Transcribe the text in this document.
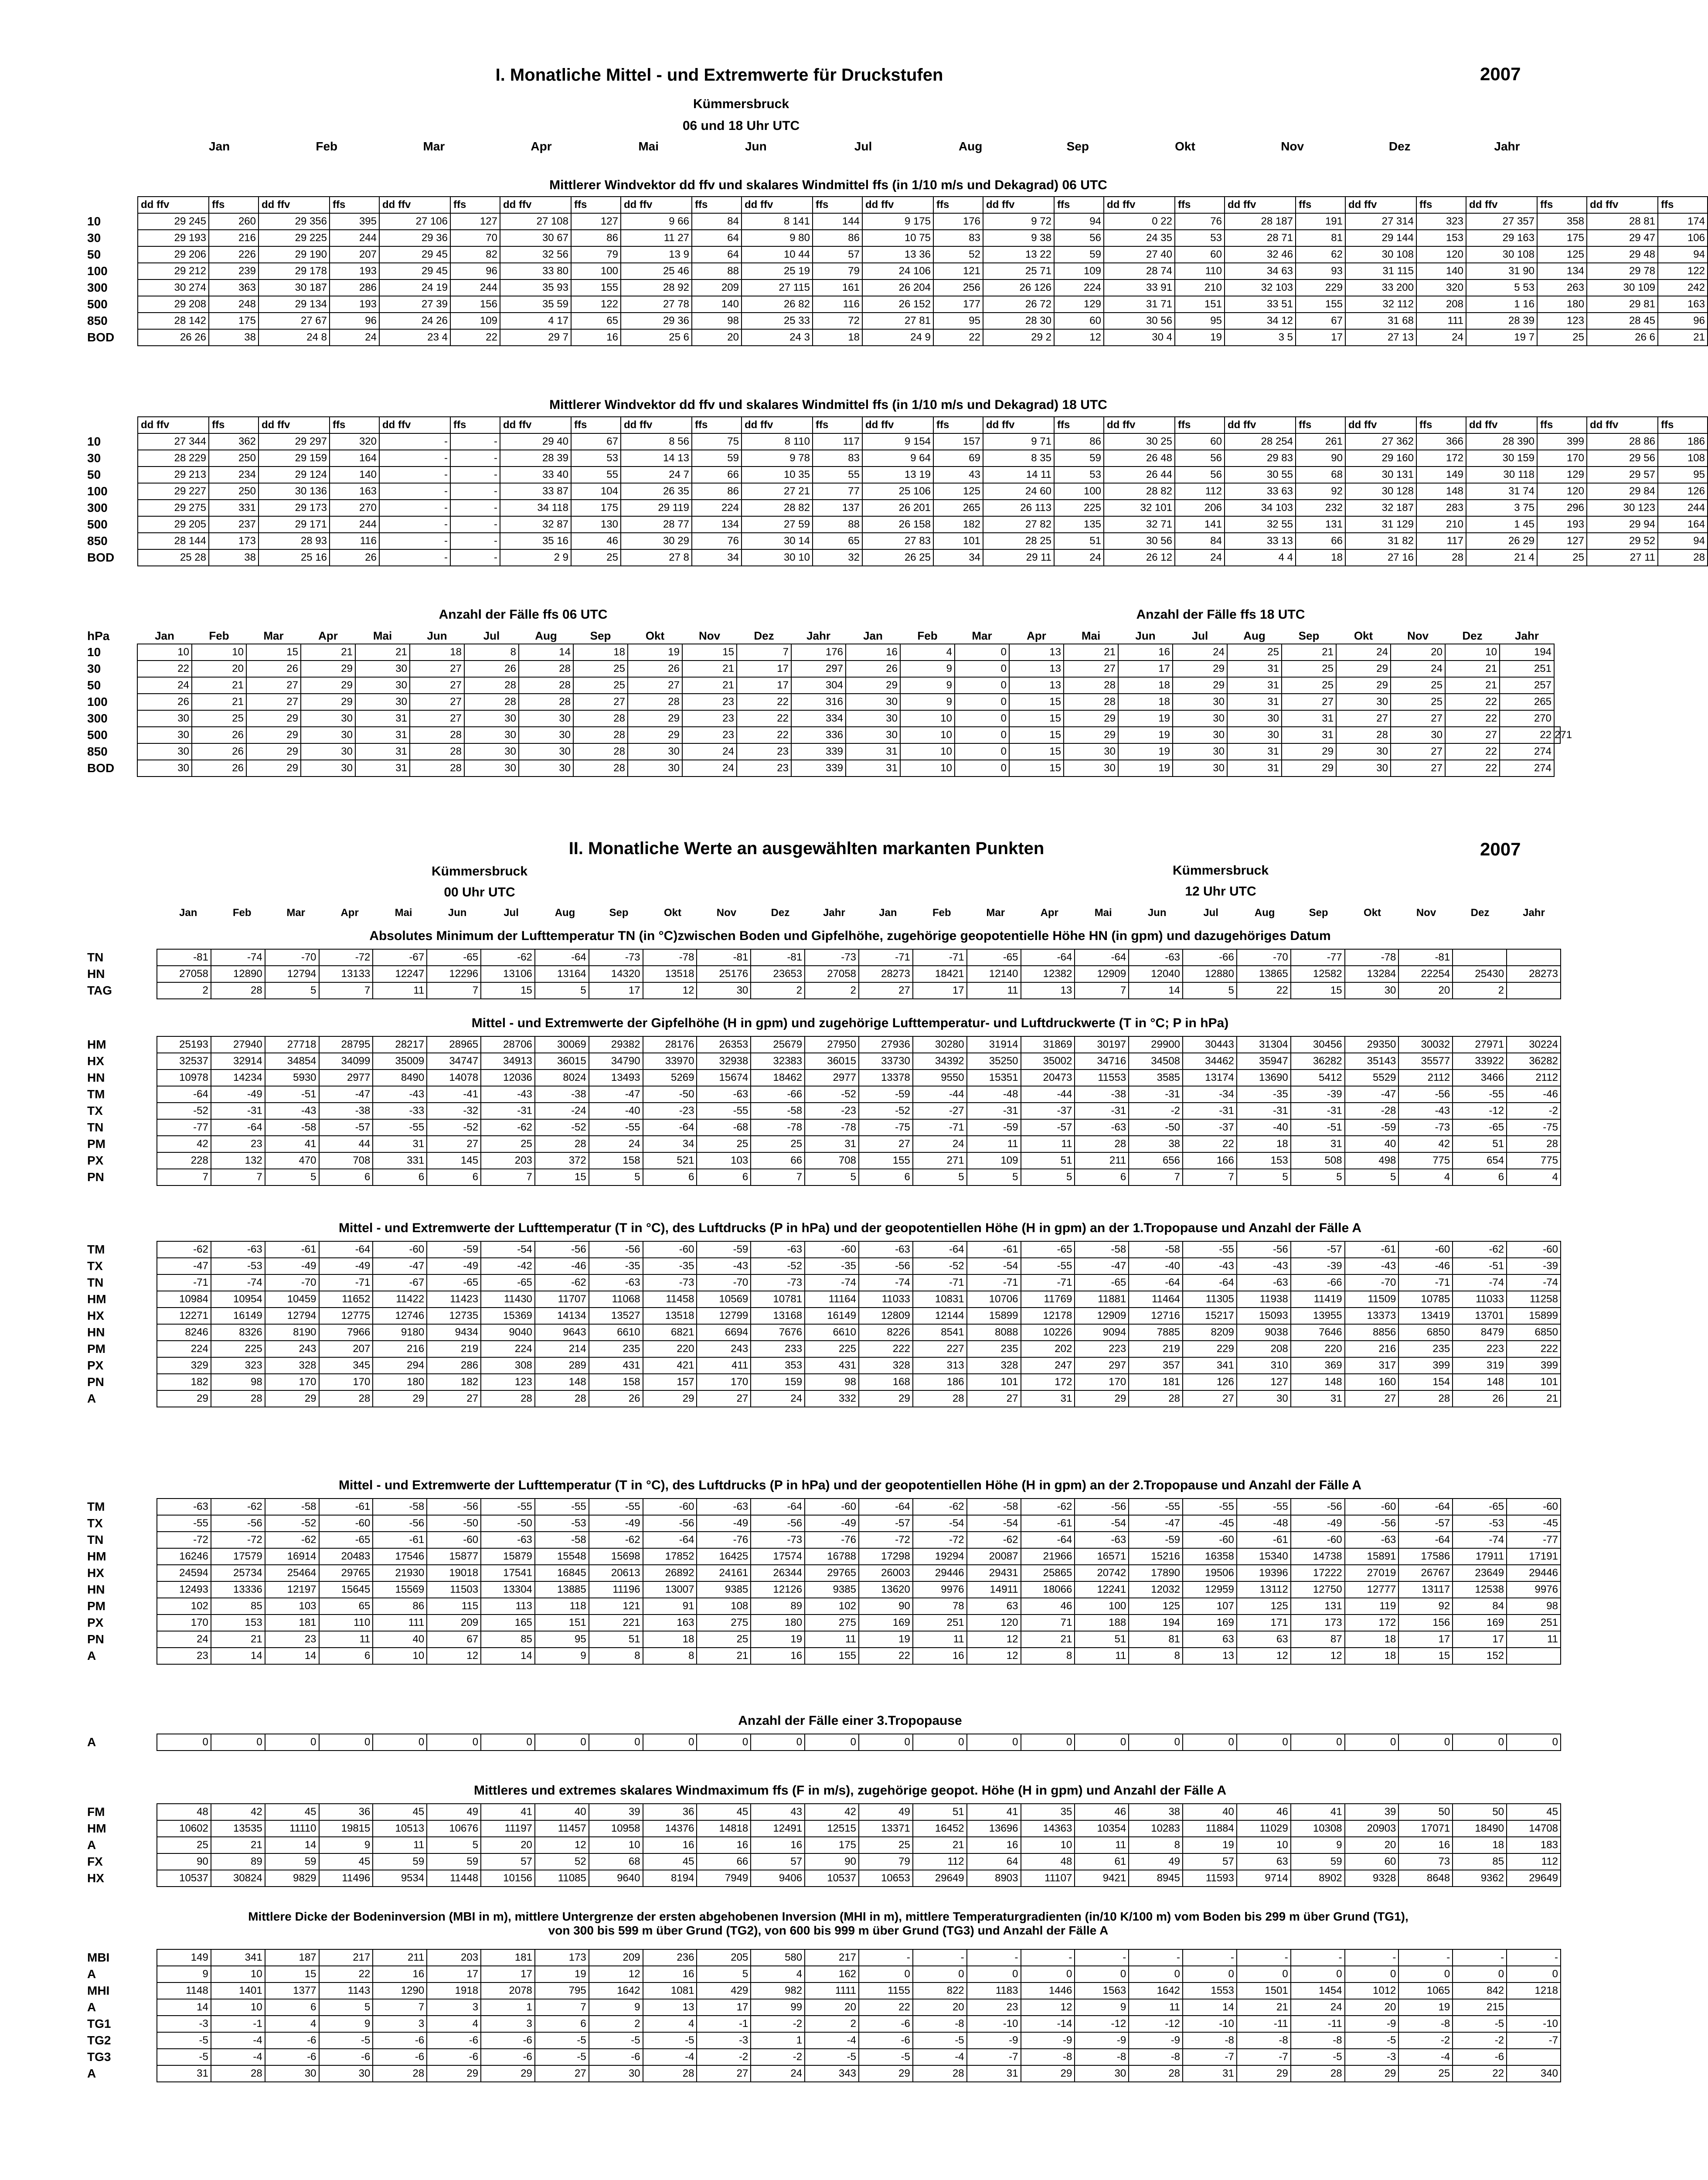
I. Monatliche Mittel - und Extremwerte für Druckstufen	2007
Kümmersbruck
06 und 18 Uhr UTC
Jan	Feb	Mar	Apr	Mai	Jun	Jul	Aug	Sep	Okt	Nov	Dez	Jahr
Mittlerer Windvektor dd ffv und skalares Windmittel ffs (in 1/10 m/s und Dekagrad) 06 UTC
	dd ffv	ffs	dd ffv	ffs	dd ffv	ffs	dd ffv	ffs	dd ffv	ffs	dd ffv	ffs	dd ffv	ffs	dd ffv	ffs	dd ffv	ffs	dd ffv	ffs	dd ffv	ffs	dd ffv	ffs	dd ffv	ffs
10	29 245	260	29 356	395	27 106	127	27 108	127	9 66	84	8 141	144	9 175	176	9 72	94	0 22	76	28 187	191	27 314	323	27 357	358	28 81	174
30	29 193	216	29 225	244	29 36	70	30 67	86	11 27	64	9 80	86	10 75	83	9 38	56	24 35	53	28 71	81	29 144	153	29 163	175	29 47	106
50	29 206	226	29 190	207	29 45	82	32 56	79	13 9	64	10 44	57	13 36	52	13 22	59	27 40	60	32 46	62	30 108	120	30 108	125	29 48	94
100	29 212	239	29 178	193	29 45	96	33 80	100	25 46	88	25 19	79	24 106	121	25 71	109	28 74	110	34 63	93	31 115	140	31 90	134	29 78	122
300	30 274	363	30 187	286	24 19	244	35 93	155	28 92	209	27 115	161	26 204	256	26 126	224	33 91	210	32 103	229	33 200	320	5 53	263	30 109	242
500	29 208	248	29 134	193	27 39	156	35 59	122	27 78	140	26 82	116	26 152	177	26 72	129	31 71	151	33 51	155	32 112	208	1 16	180	29 81	163
850	28 142	175	27 67	96	24 26	109	4 17	65	29 36	98	25 33	72	27 81	95	28 30	60	30 56	95	34 12	67	31 68	111	28 39	123	28 45	96
BOD	26 26	38	24 8	24	23 4	22	29 7	16	25 6	20	24 3	18	24 9	22	29 2	12	30 4	19	3 5	17	27 13	24	19 7	25	26 6	21
Mittlerer Windvektor dd ffv und skalares Windmittel ffs (in 1/10 m/s und Dekagrad) 18 UTC
	dd ffv	ffs	dd ffv	ffs	dd ffv	ffs	dd ffv	ffs	dd ffv	ffs	dd ffv	ffs	dd ffv	ffs	dd ffv	ffs	dd ffv	ffs	dd ffv	ffs	dd ffv	ffs	dd ffv	ffs	dd ffv	ffs
10	27 344	362	29 297	320	-	-	29 40	67	8 56	75	8 110	117	9 154	157	9 71	86	30 25	60	28 254	261	27 362	366	28 390	399	28 86	186
30	28 229	250	29 159	164	-	-	28 39	53	14 13	59	9 78	83	9 64	69	8 35	59	26 48	56	29 83	90	29 160	172	30 159	170	29 56	108
50	29 213	234	29 124	140	-	-	33 40	55	24 7	66	10 35	55	13 19	43	14 11	53	26 44	56	30 55	68	30 131	149	30 118	129	29 57	95
100	29 227	250	30 136	163	-	-	33 87	104	26 35	86	27 21	77	25 106	125	24 60	100	28 82	112	33 63	92	30 128	148	31 74	120	29 84	126
300	29 275	331	29 173	270	-	-	34 118	175	29 119	224	28 82	137	26 201	265	26 113	225	32 101	206	34 103	232	32 187	283	3 75	296	30 123	244
500	29 205	237	29 171	244	-	-	32 87	130	28 77	134	27 59	88	26 158	182	27 82	135	32 71	141	32 55	131	31 129	210	1 45	193	29 94	164
850	28 144	173	28 93	116	-	-	35 16	46	30 29	76	30 14	65	27 83	101	28 25	51	30 56	84	33 13	66	31 82	117	26 29	127	29 52	94
BOD	25 28	38	25 16	26	-	-	2 9	25	27 8	34	30 10	32	26 25	34	29 11	24	26 12	24	4 4	18	27 16	28	21 4	25	27 11	28
Anzahl der Fälle ffs 06 UTC	Anzahl der Fälle ffs 18 UTC
hPa	Jan	Feb	Mar	Apr	Mai	Jun	Jul	Aug	Sep	Okt	Nov	Dez	Jahr	Jan	Feb	Mar	Apr	Mai	Jun	Jul	Aug	Sep	Okt	Nov	Dez	Jahr	
10	10	10	15	21	21	18	8	14	18	19	15	7	176	16	4	0	13	21	16	24	25	21	24	20	10	194	
30	22	20	26	29	30	27	26	28	25	26	21	17	297	26	9	0	13	27	17	29	31	25	29	24	21	251	
50	24	21	27	29	30	27	28	28	25	27	21	17	304	29	9	0	13	28	18	29	31	25	29	25	21	257	
100	26	21	27	29	30	27	28	28	27	28	23	22	316	30	9	0	15	28	18	30	31	27	30	25	22	265	
300	30	25	29	30	31	27	30	30	28	29	23	22	334	30	10	0	15	29	19	30	30	31	27	27	22	270	
500	30	26	29	30	31	28	30	30	28	29	23	22	336	30	10	0	15	29	19	30	30	31	28	30	27	22	271
850	30	26	29	30	31	28	30	30	28	30	24	23	339	31	10	0	15	30	19	30	31	29	30	27	22	274	
BOD	30	26	29	30	31	28	30	30	28	30	24	23	339	31	10	0	15	30	19	30	31	29	30	27	22	274	
II. Monatliche Werte an ausgewählten markanten Punkten	2007
Kümmersbruck
00 Uhr UTC
Kümmersbruck
12 Uhr UTC
Jan	Feb	Mar	Apr	Mai	Jun	Jul	Aug	Sep	Okt	Nov	Dez	Jahr	Jan	Feb	Mar	Apr	Mai	Jun	Jul	Aug	Sep	Okt	Nov	Dez	Jahr
Absolutes Minimum der Lufttemperatur TN (in °C)zwischen Boden und Gipfelhöhe, zugehörige geopotentielle Höhe HN (in gpm) und dazugehöriges Datum
TN	-81	-74	-70	-72	-67	-65	-62	-64	-73	-78	-81	-81	-73	-71	-71	-65	-64	-64	-63	-66	-70	-77	-78	-81		
HN	27058	12890	12794	13133	12247	12296	13106	13164	14320	13518	25176	23653	27058	28273	18421	12140	12382	12909	12040	12880	13865	12582	13284	22254	25430	28273
TAG	2	28	5	7	11	7	15	5	17	12	30	2	2	27	17	11	13	7	14	5	22	15	30	20	2	
Mittel - und Extremwerte der Gipfelhöhe (H in gpm) und zugehörige Lufttemperatur- und Luftdruckwerte (T in °C; P in hPa)
HM	25193	27940	27718	28795	28217	28965	28706	30069	29382	28176	26353	25679	27950	27936	30280	31914	31869	30197	29900	30443	31304	30456	29350	30032	27971	30224
HX	32537	32914	34854	34099	35009	34747	34913	36015	34790	33970	32938	32383	36015	33730	34392	35250	35002	34716	34508	34462	35947	36282	35143	35577	33922	36282
HN	10978	14234	5930	2977	8490	14078	12036	8024	13493	5269	15674	18462	2977	13378	9550	15351	20473	11553	3585	13174	13690	5412	5529	2112	3466	2112
TM	-64	-49	-51	-47	-43	-41	-43	-38	-47	-50	-63	-66	-52	-59	-44	-48	-44	-38	-31	-34	-35	-39	-47	-56	-55	-46
TX	-52	-31	-43	-38	-33	-32	-31	-24	-40	-23	-55	-58	-23	-52	-27	-31	-37	-31	-2	-31	-31	-31	-28	-43	-12	-2
TN	-77	-64	-58	-57	-55	-52	-62	-52	-55	-64	-68	-78	-78	-75	-71	-59	-57	-63	-50	-37	-40	-51	-59	-73	-65	-75
PM	42	23	41	44	31	27	25	28	24	34	25	25	31	27	24	11	11	28	38	22	18	31	40	42	51	28
PX	228	132	470	708	331	145	203	372	158	521	103	66	708	155	271	109	51	211	656	166	153	508	498	775	654	775
PN	7	7	5	6	6	6	7	15	5	6	6	7	5	6	5	5	5	6	7	7	5	5	5	4	6	4
Mittel - und Extremwerte der Lufttemperatur (T in °C), des Luftdrucks (P in hPa) und der geopotentiellen Höhe (H in gpm) an der 1.Tropopause und Anzahl der Fälle A
TM	-62	-63	-61	-64	-60	-59	-54	-56	-56	-60	-59	-63	-60	-63	-64	-61	-65	-58	-58	-55	-56	-57	-61	-60	-62	-60
TX	-47	-53	-49	-49	-47	-49	-42	-46	-35	-35	-43	-52	-35	-56	-52	-54	-55	-47	-40	-43	-43	-39	-43	-46	-51	-39
TN	-71	-74	-70	-71	-67	-65	-65	-62	-63	-73	-70	-73	-74	-74	-71	-71	-71	-65	-64	-64	-63	-66	-70	-71	-74	-74
HM	10984	10954	10459	11652	11422	11423	11430	11707	11068	11458	10569	10781	11164	11033	10831	10706	11769	11881	11464	11305	11938	11419	11509	10785	11033	11258
HX	12271	16149	12794	12775	12746	12735	15369	14134	13527	13518	12799	13168	16149	12809	12144	15899	12178	12909	12716	15217	15093	13955	13373	13419	13701	15899
HN	8246	8326	8190	7966	9180	9434	9040	9643	6610	6821	6694	7676	6610	8226	8541	8088	10226	9094	7885	8209	9038	7646	8856	6850	8479	6850
PM	224	225	243	207	216	219	224	214	235	220	243	233	225	222	227	235	202	223	219	229	208	220	216	235	223	222
PX	329	323	328	345	294	286	308	289	431	421	411	353	431	328	313	328	247	297	357	341	310	369	317	399	319	399
PN	182	98	170	170	180	182	123	148	158	157	170	159	98	168	186	101	172	170	181	126	127	148	160	154	148	101
A	29	28	29	28	29	27	28	28	26	29	27	24	332	29	28	27	31	29	28	27	30	31	27	28	26	21
Mittel - und Extremwerte der Lufttemperatur (T in °C), des Luftdrucks (P in hPa) und der geopotentiellen Höhe (H in gpm) an der 2.Tropopause und Anzahl der Fälle A
TM	-63	-62	-58	-61	-58	-56	-55	-55	-55	-60	-63	-64	-60	-64	-62	-58	-62	-56	-55	-55	-55	-56	-60	-64	-65	-60
TX	-55	-56	-52	-60	-56	-50	-50	-53	-49	-56	-49	-56	-49	-57	-54	-54	-61	-54	-47	-45	-48	-49	-56	-57	-53	-45
TN	-72	-72	-62	-65	-61	-60	-63	-58	-62	-64	-76	-73	-76	-72	-72	-62	-64	-63	-59	-60	-61	-60	-63	-64	-74	-77
HM	16246	17579	16914	20483	17546	15877	15879	15548	15698	17852	16425	17574	16788	17298	19294	20087	21966	16571	15216	16358	15340	14738	15891	17586	17911	17191
HX	24594	25734	25464	29765	21930	19018	17541	16845	20613	26892	24161	26344	29765	26003	29446	29431	25865	20742	17890	19506	19396	17222	27019	26767	23649	29446
HN	12493	13336	12197	15645	15569	11503	13304	13885	11196	13007	9385	12126	9385	13620	9976	14911	18066	12241	12032	12959	13112	12750	12777	13117	12538	9976
PM	102	85	103	65	86	115	113	118	121	91	108	89	102	90	78	63	46	100	125	107	125	131	119	92	84	98
PX	170	153	181	110	111	209	165	151	221	163	275	180	275	169	251	120	71	188	194	169	171	173	172	156	169	251
PN	24	21	23	11	40	67	85	95	51	18	25	19	11	19	11	12	21	51	81	63	63	87	18	17	17	11
A	23	14	14	6	10	12	14	9	8	8	21	16	155	22	16	12	8	11	8	13	12	12	18	15	152	
Anzahl der Fälle einer 3.Tropopause
A	0	0	0	0	0	0	0	0	0	0	0	0	0	0	0	0	0	0	0	0	0	0	0	0	0	0
Mittleres und extremes skalares Windmaximum ffs (F in m/s), zugehörige geopot. Höhe (H in gpm) und Anzahl der Fälle A
FM	48	42	45	36	45	49	41	40	39	36	45	43	42	49	51	41	35	46	38	40	46	41	39	50	50	45
HM	10602	13535	11110	19815	10513	10676	11197	11457	10958	14376	14818	12491	12515	13371	16452	13696	14363	10354	10283	11884	11029	10308	20903	17071	18490	14708
A	25	21	14	9	11	5	20	12	10	16	16	16	175	25	21	16	10	11	8	19	10	9	20	16	18	183
FX	90	89	59	45	59	59	57	52	68	45	66	57	90	79	112	64	48	61	49	57	63	59	60	73	85	112
HX	10537	30824	9829	11496	9534	11448	10156	11085	9640	8194	7949	9406	10537	10653	29649	8903	11107	9421	8945	11593	9714	8902	9328	8648	9362	29649
Mittlere Dicke der Bodeninversion (MBI in m), mittlere Untergrenze der ersten abgehobenen Inversion (MHI in m), mittlere Temperaturgradienten (in/10 K/100 m) vom Boden bis 299 m über Grund (TG1), von 300 bis 599 m über Grund (TG2), von 600 bis 999 m über Grund (TG3) und Anzahl der Fälle A
MBI	149	341	187	217	211	203	181	173	209	236	205	580	217	-	-	-	-	-	-	-	-	-	-	-	-	-
A	9	10	15	22	16	17	17	19	12	16	5	4	162	0	0	0	0	0	0	0	0	0	0	0	0	0
MHI	1148	1401	1377	1143	1290	1918	2078	795	1642	1081	429	982	1111	1155	822	1183	1446	1563	1642	1553	1501	1454	1012	1065	842	1218
A	14	10	6	5	7	3	1	7	9	13	17	99	20	22	20	23	12	9	11	14	21	24	20	19	215	
TG1	-3	-1	4	9	3	4	3	6	2	4	-1	-2	2	-6	-8	-10	-14	-12	-12	-10	-11	-11	-9	-8	-5	-10
TG2	-5	-4	-6	-5	-6	-6	-6	-5	-5	-5	-3	1	-4	-6	-5	-9	-9	-9	-9	-8	-8	-8	-5	-2	-2	-7
TG3	-5	-4	-6	-6	-6	-6	-6	-5	-6	-4	-2	-2	-5	-5	-4	-7	-8	-8	-8	-7	-7	-5	-3	-4	-6	
A	31	28	30	30	28	29	29	27	30	28	27	24	343	29	28	31	29	30	28	31	29	28	29	25	22	340
